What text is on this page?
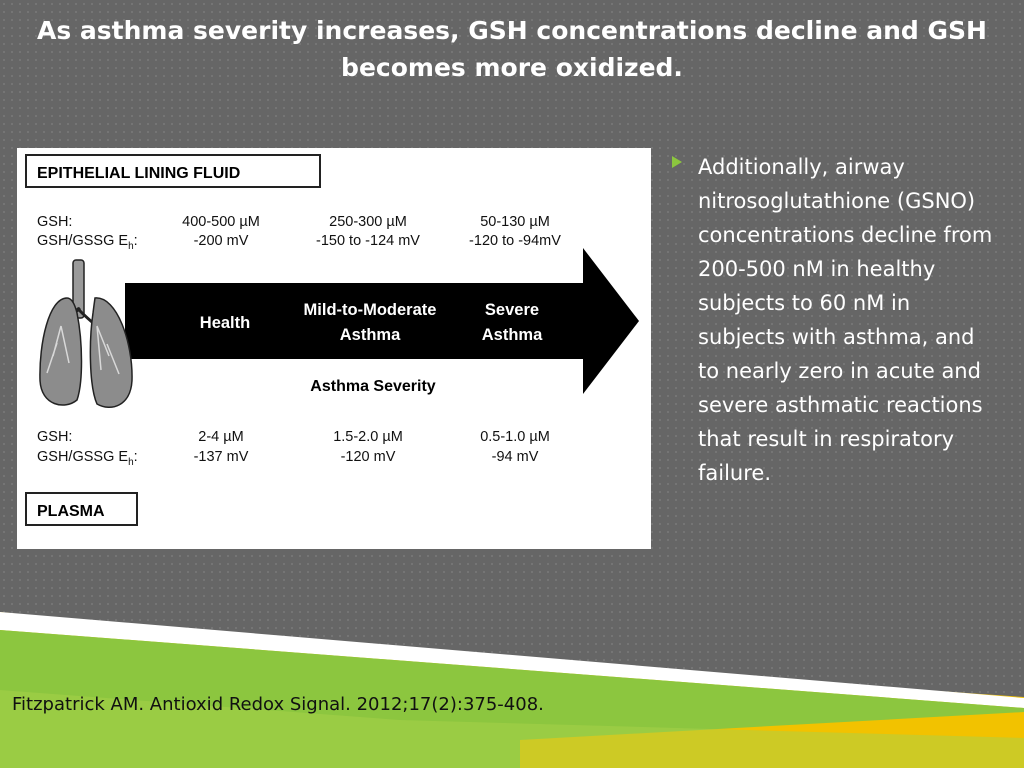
As asthma severity increases, GSH concentrations decline and GSH becomes more oxidized.
EPITHELIAL LINING FLUID
GSH:
GSH/GSSG $E_h$:
400-500 µM
-200 mV
250-300 µM
-150 to -124 mV
50-130 µM
-120 to -94mV
Health
Mild-to-Moderate
Asthma
Severe
Asthma
Asthma Severity
GSH:
GSH/GSSG $E_h$:
2-4 µM
-137 mV
1.5-2.0 µM
-120 mV
0.5-1.0 µM
-94 mV
PLASMA

Additionally, airway nitrosoglutathione (GSNO) concentrations decline from 200-500 nM in healthy subjects to 60 nM in subjects with asthma, and to nearly zero in acute and severe asthmatic reactions that result in respiratory failure.

Fitzpatrick AM. Antioxid Redox Signal. 2012;17(2):375-408.
